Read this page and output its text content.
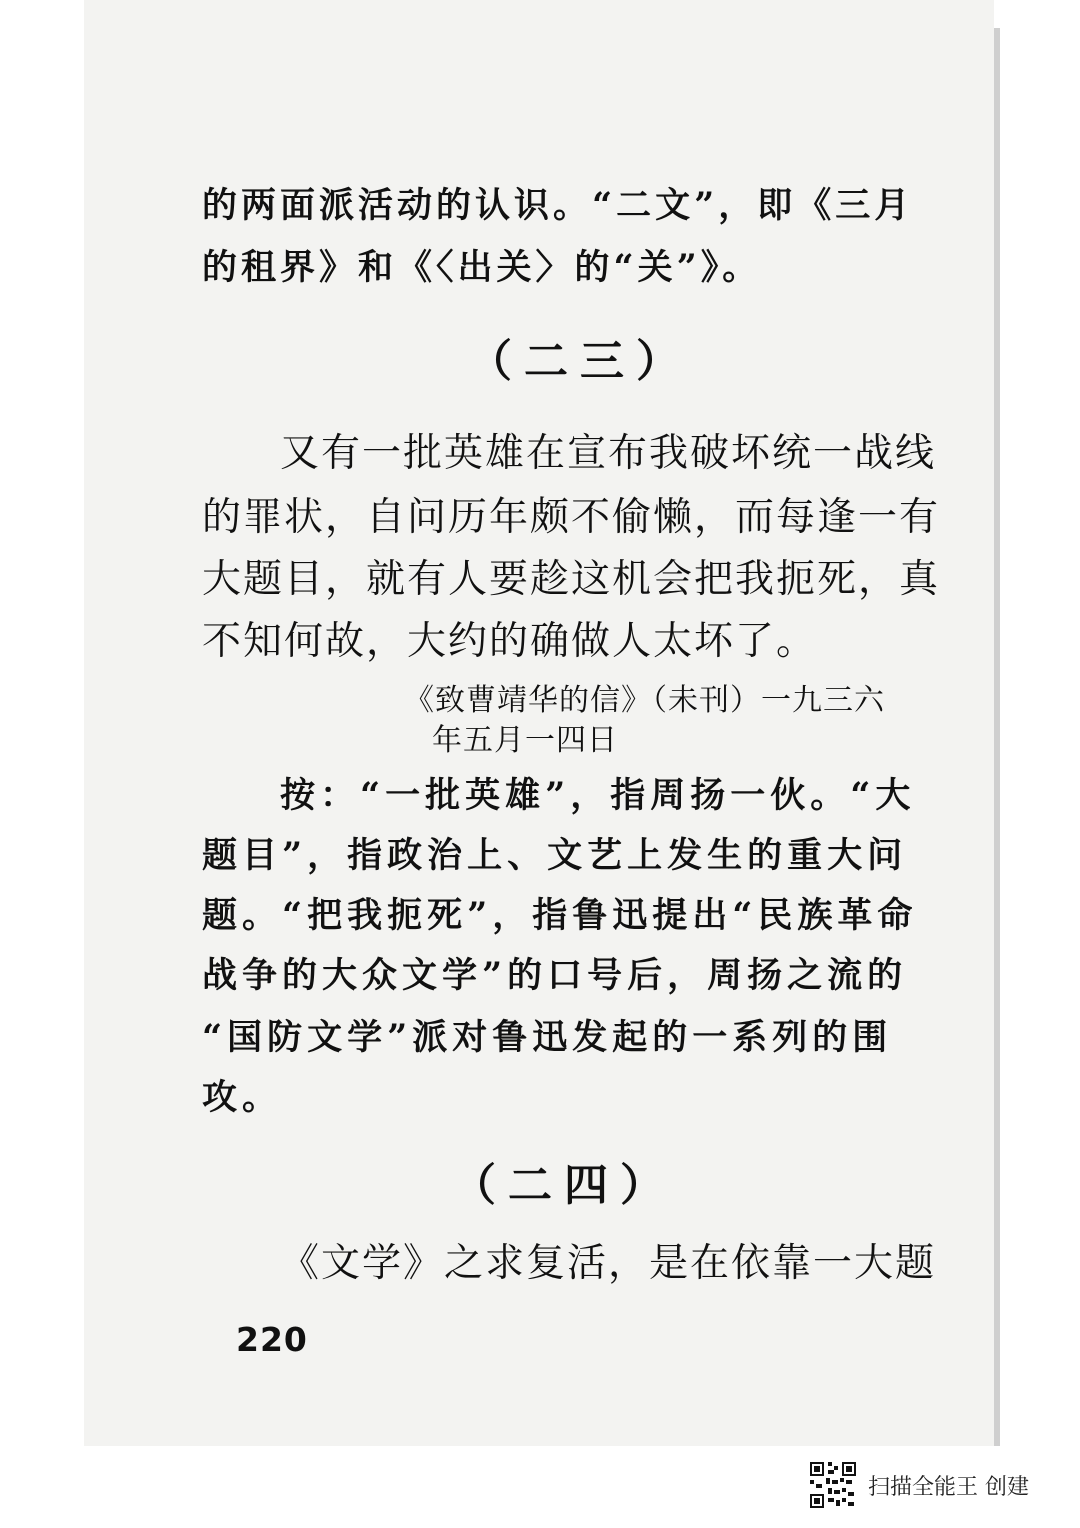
的两面派活动的认识。“二文”，即《三月
的租界》和《〈出关〉的“关”》。
（二三）
又有一批英雄在宣布我破坏统一战线
的罪状，自问历年颇不偷懒，而每逢一有
大题目，就有人要趁这机会把我扼死，真
不知何故，大约的确做人太坏了。
《致曹靖华的信》（未刊）一九三六
年五月一四日
按：“一批英雄”，指周扬一伙。“大
题目”，指政治上、文艺上发生的重大问
题。“把我扼死”，指鲁迅提出“民族革命
战争的大众文学”的口号后，周扬之流的
“国防文学”派对鲁迅发起的一系列的围
攻。
（二四）
《文学》之求复活，是在依靠一大题
220
扫描全能王 创建
